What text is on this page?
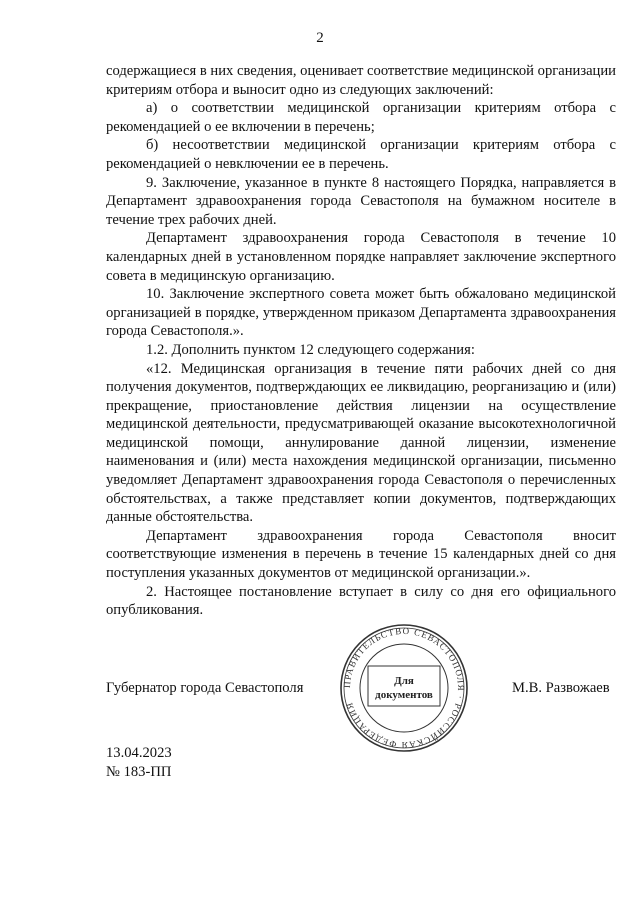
2

содержащиеся в них сведения, оценивает соответствие медицинской организации критериям отбора и выносит одно из следующих заключений:

а) о соответствии медицинской организации критериям отбора с рекомендацией о ее включении в перечень;

б) несоответствии медицинской организации критериям отбора с рекомендацией о невключении ее в перечень.

9. Заключение, указанное в пункте 8 настоящего Порядка, направляется в Департамент здравоохранения города Севастополя на бумажном носителе в течение трех рабочих дней.

Департамент здравоохранения города Севастополя в течение 10 календарных дней в установленном порядке направляет заключение экспертного совета в медицинскую организацию.

10. Заключение экспертного совета может быть обжаловано медицинской организацией в порядке, утвержденном приказом Департамента здравоохранения города Севастополя.».

1.2. Дополнить пунктом 12 следующего содержания:

«12. Медицинская организация в течение пяти рабочих дней со дня получения документов, подтверждающих ее ликвидацию, реорганизацию и (или) прекращение, приостановление действия лицензии на осуществление медицинской деятельности, предусматривающей оказание высокотехнологичной медицинской помощи, аннулирование данной лицензии, изменение наименования и (или) места нахождения медицинской организации, письменно уведомляет Департамент здравоохранения города Севастополя о перечисленных обстоятельствах, а также представляет копии документов, подтверждающих данные обстоятельства.

Департамент здравоохранения города Севастополя вносит соответствующие изменения в перечень в течение 15 календарных дней со дня поступления указанных документов от медицинской организации.».

2. Настоящее постановление вступает в силу со дня его официального опубликования.

Губернатор города Севастополя	ПРАВИТЕЛЬСТВО СЕВАСТОПОЛЯ · РОССИЙСКАЯ ФЕДЕРАЦИЯ
Для
документов	М.В. Развожаев
13.04.2023
№ 183-ПП
